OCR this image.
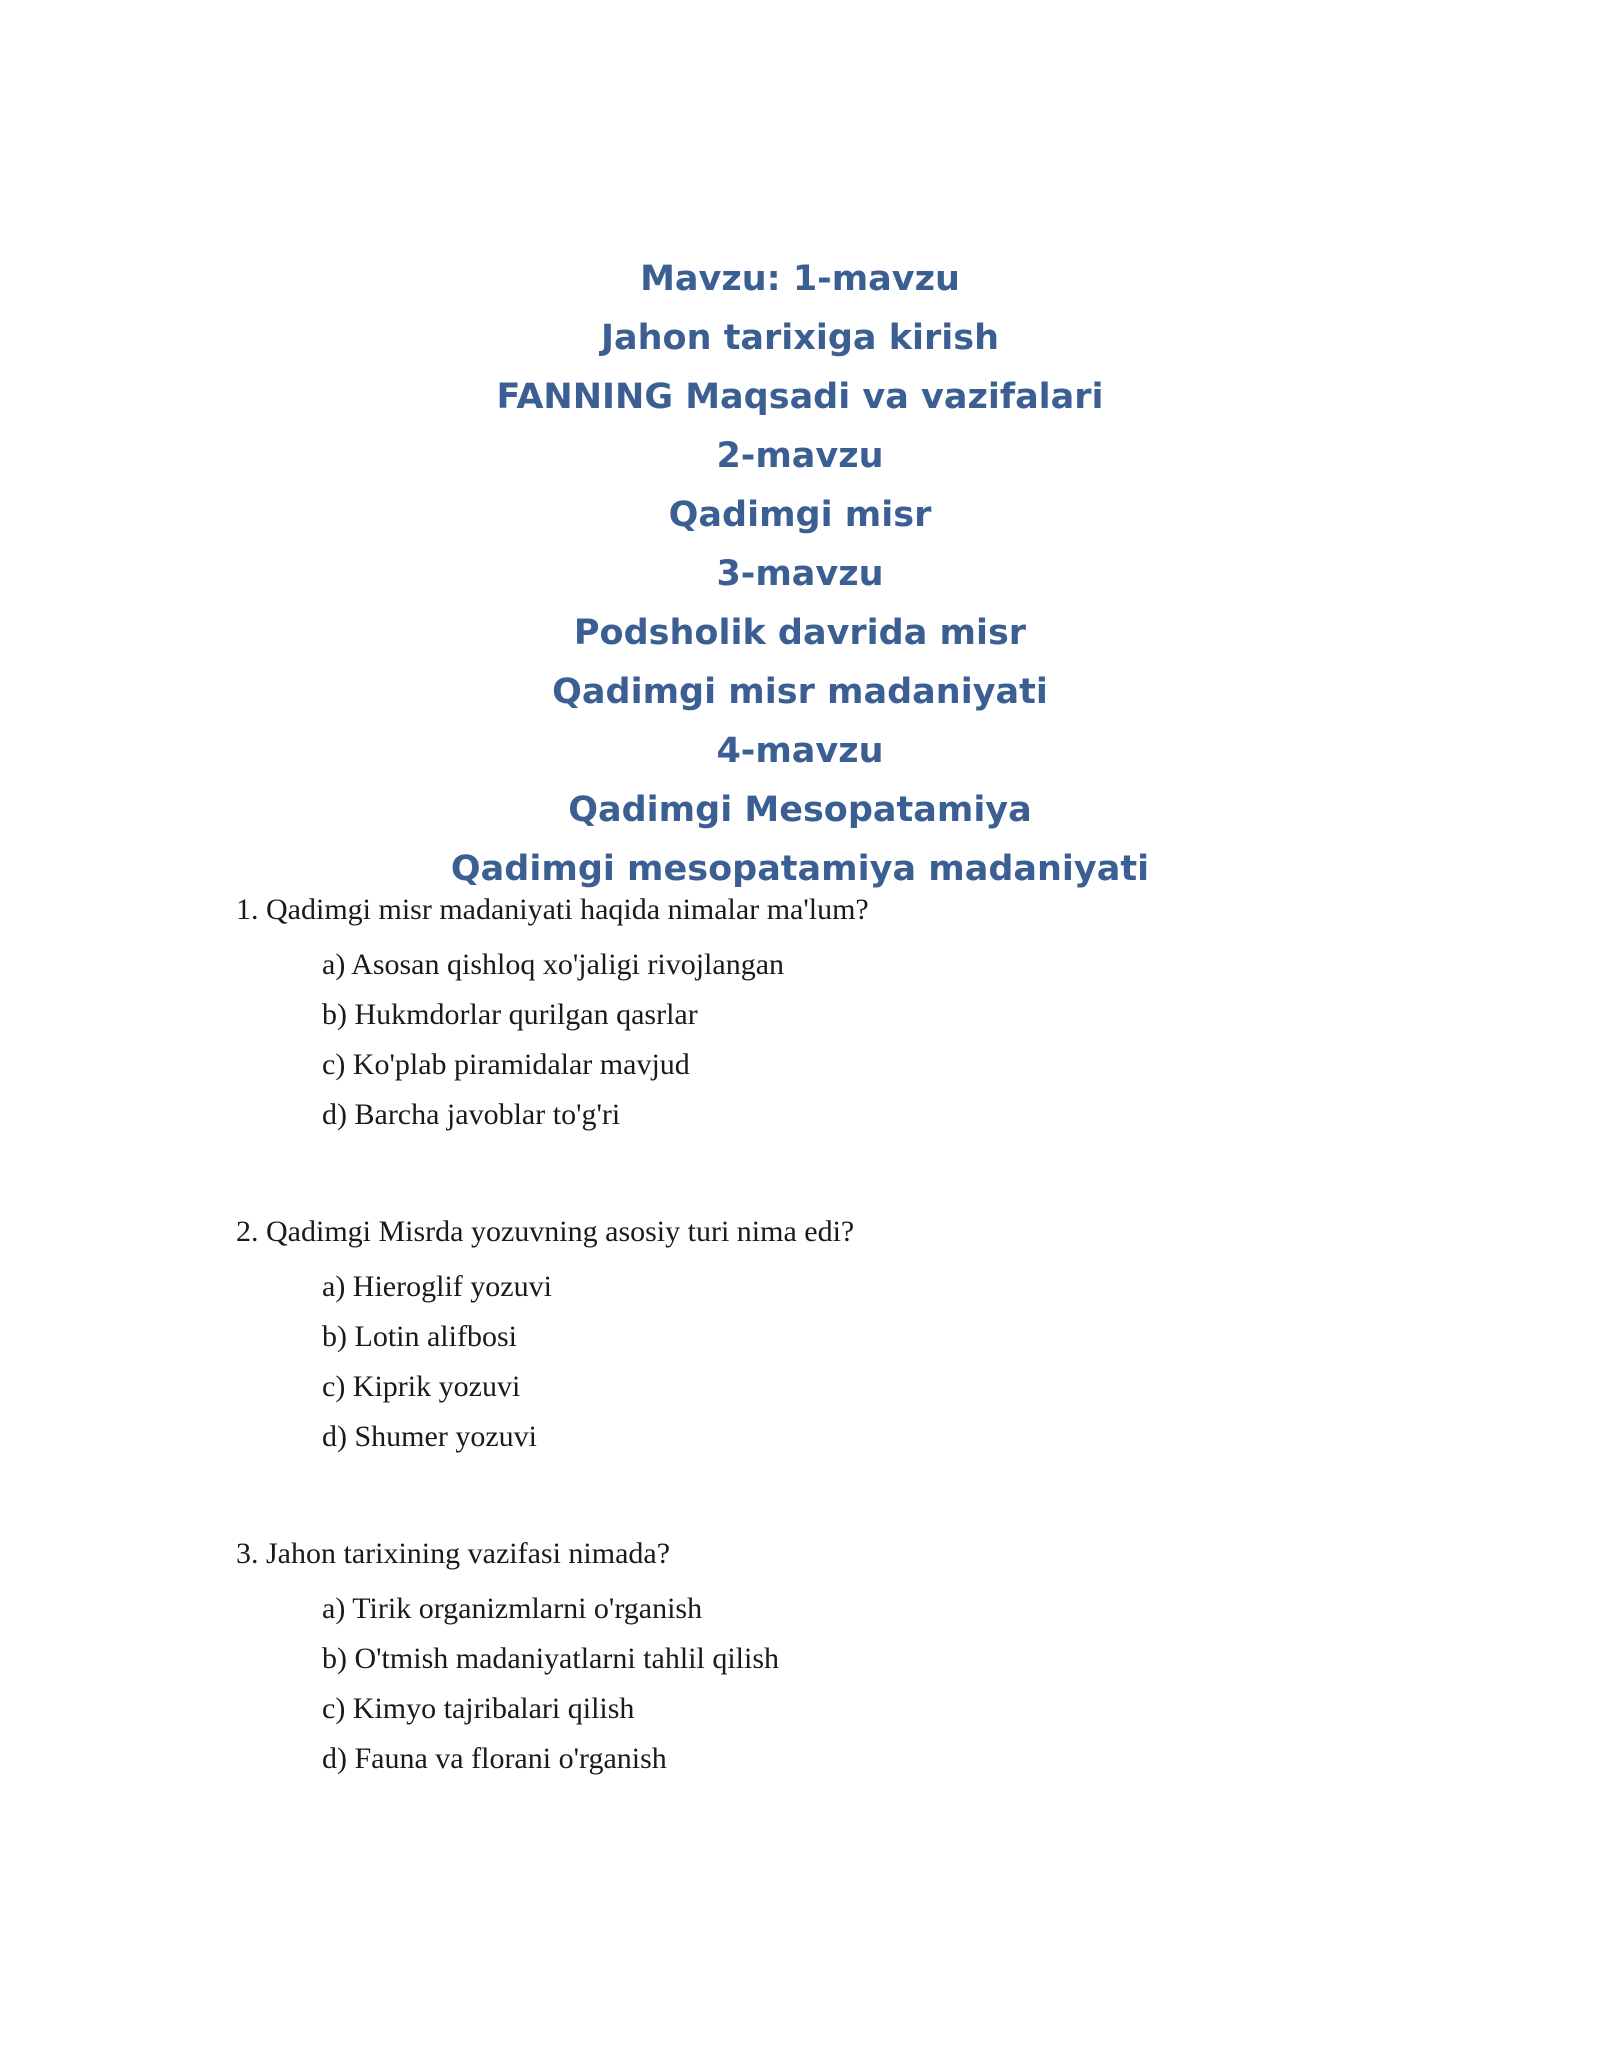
Mavzu: 1-mavzu
Jahon tarixiga kirish
FANNING Maqsadi va vazifalari
2-mavzu
Qadimgi misr
3-mavzu
Podsholik davrida misr
Qadimgi misr madaniyati
4-mavzu
Qadimgi Mesopatamiya
Qadimgi mesopatamiya madaniyati

1. Qadimgi misr madaniyati haqida nimalar ma'lum?

a) Asosan qishloq xo'jaligi rivojlangan
b) Hukmdorlar qurilgan qasrlar
c) Ko'plab piramidalar mavjud
d) Barcha javoblar to'g'ri

2. Qadimgi Misrda yozuvning asosiy turi nima edi?

a) Hieroglif yozuvi
b) Lotin alifbosi
c) Kiprik yozuvi
d) Shumer yozuvi

3. Jahon tarixining vazifasi nimada?

a) Tirik organizmlarni o'rganish
b) O'tmish madaniyatlarni tahlil qilish
c) Kimyo tajribalari qilish
d) Fauna va florani o'rganish
